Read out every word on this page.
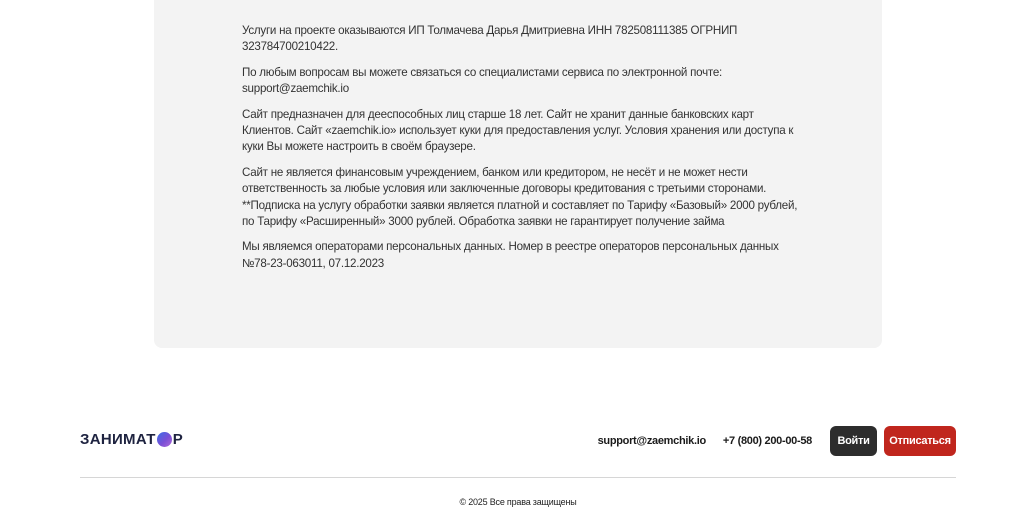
Услуги на проекте оказываются ИП Толмачева Дарья Дмитриевна ИНН 782508111385 ОГРНИП 323784700210422.

По любым вопросам вы можете связаться со специалистами сервиса по электронной почте: support@zaemchik.io

Сайт предназначен для дееспособных лиц старше 18 лет. Сайт не хранит данные банковских карт Клиентов. Сайт «zaemchik.io» использует куки для предоставления услуг. Условия хранения или доступа к куки Вы можете настроить в своём браузере.

Сайт не является финансовым учреждением, банком или кредитором, не несёт и не может нести ответственность за любые условия или заключенные договоры кредитования с третьими сторонами. **Подписка на услугу обработки заявки является платной и составляет по Тарифу «Базовый» 2000 рублей, по Тарифу «Расширенный» 3000 рублей. Обработка заявки не гарантирует получение займа

Мы являемся операторами персональных данных. Номер в реестре операторов персональных данных №78-23-063011, 07.12.2023

ЗАНИМАТ Р	support@zaemchik.io +7 (800) 200-00-58	Войти	Отписаться
© 2025 Все права защищены
